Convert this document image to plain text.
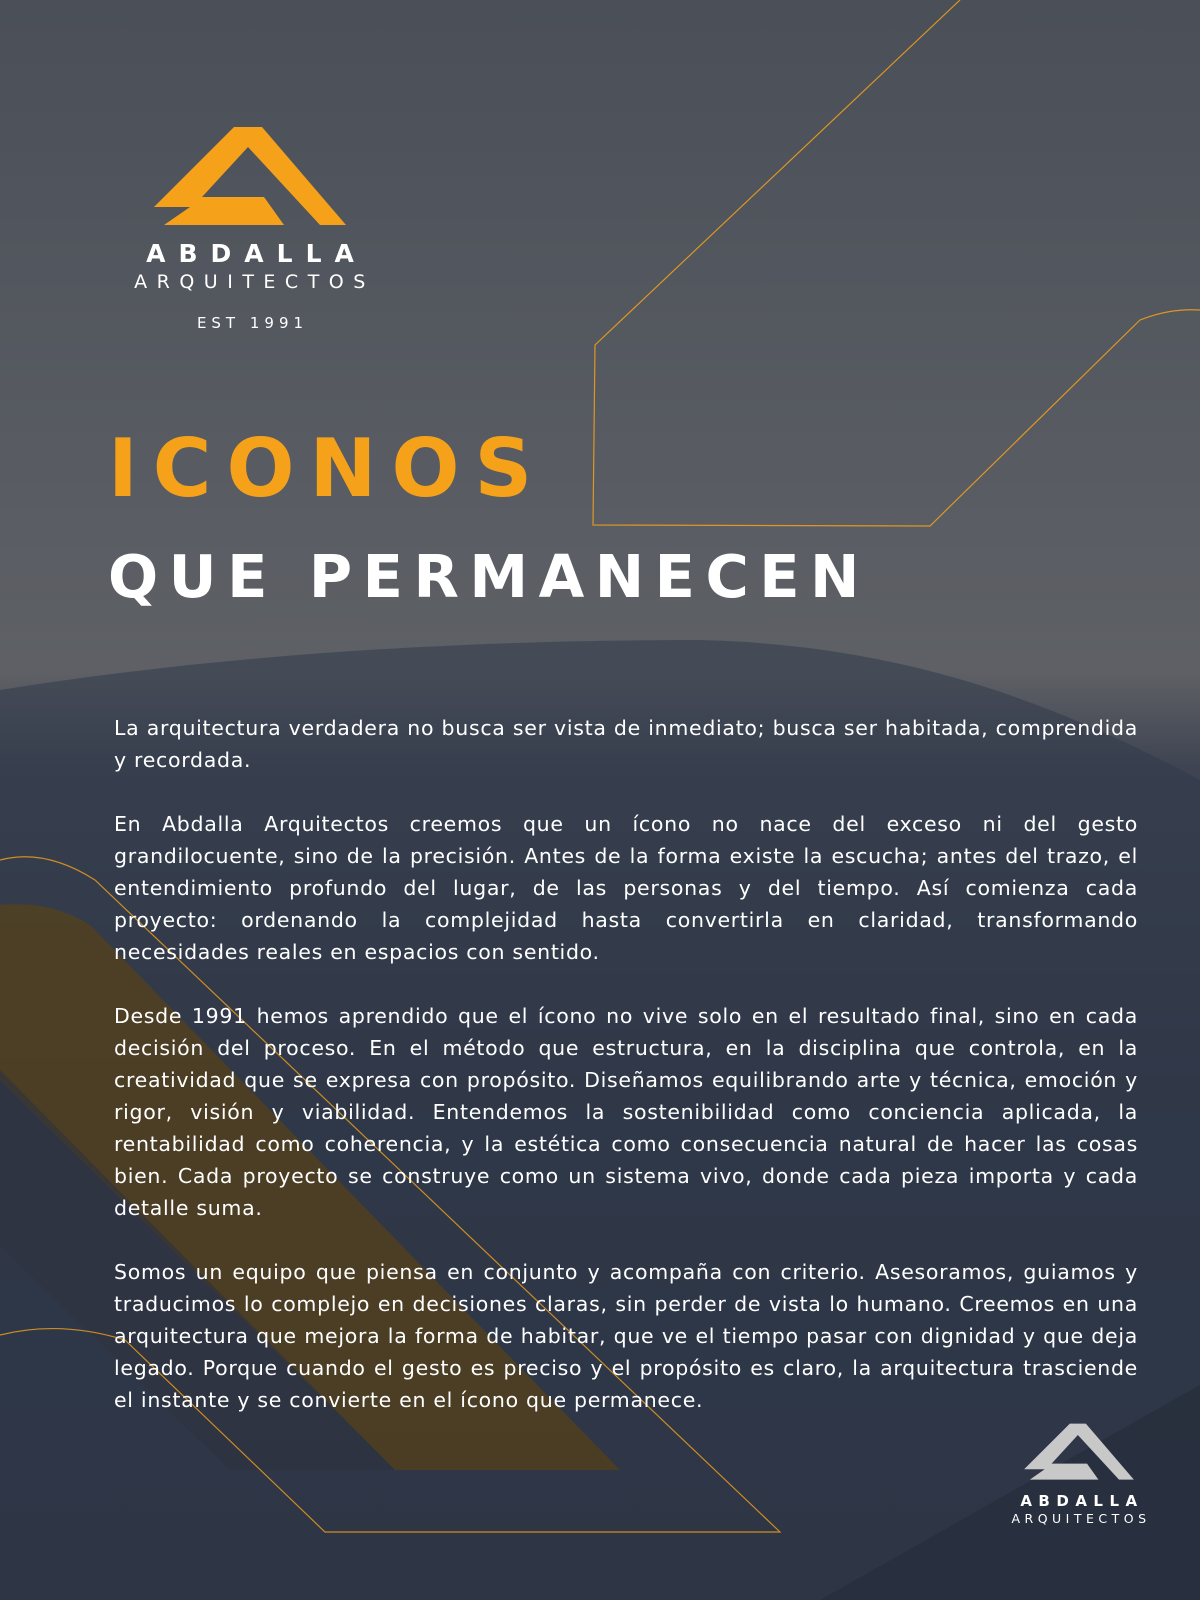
ABDALLA
ARQUITECTOS
EST 1991
ICONOS
QUE PERMANECEN

La arquitectura verdadera no busca ser vista de inmediato; busca ser habitada, comprendida y recordada.

En Abdalla Arquitectos creemos que un ícono no nace del exceso ni del gesto grandilocuente, sino de la precisión. Antes de la forma existe la escucha; antes del trazo, el entendimiento profundo del lugar, de las personas y del tiempo. Así comienza cada proyecto: ordenando la complejidad hasta convertirla en claridad, transformando necesidades reales en espacios con sentido.

Desde 1991 hemos aprendido que el ícono no vive solo en el resultado final, sino en cada decisión del proceso. En el método que estructura, en la disciplina que controla, en la creatividad que se expresa con propósito. Diseñamos equilibrando arte y técnica, emoción y rigor, visión y viabilidad. Entendemos la sostenibilidad como conciencia aplicada, la rentabilidad como coherencia, y la estética como consecuencia natural de hacer las cosas bien. Cada proyecto se construye como un sistema vivo, donde cada pieza importa y cada detalle suma.

Somos un equipo que piensa en conjunto y acompaña con criterio. Asesoramos, guiamos y traducimos lo complejo en decisiones claras, sin perder de vista lo humano. Creemos en una arquitectura que mejora la forma de habitar, que ve el tiempo pasar con dignidad y que deja legado. Porque cuando el gesto es preciso y el propósito es claro, la arquitectura trasciende el instante y se convierte en el ícono que permanece.

ABDALLA
ARQUITECTOS
